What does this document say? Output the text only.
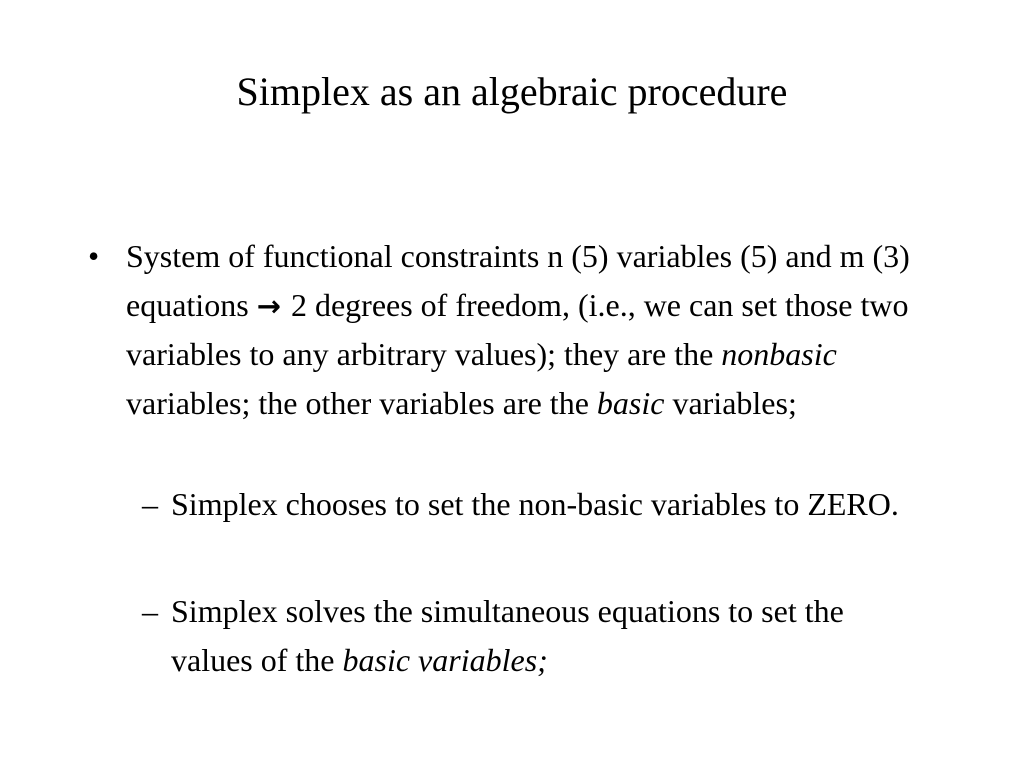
Simplex as an algebraic procedure
• System of functional constraints n (5) variables (5) and m (3) equations → 2 degrees of freedom, (i.e., we can set those two variables to any arbitrary values); they are the nonbasic variables; the other variables are the basic variables;
– Simplex chooses to set the non-basic variables to ZERO.
– Simplex solves the simultaneous equations to set the values of the basic variables;
